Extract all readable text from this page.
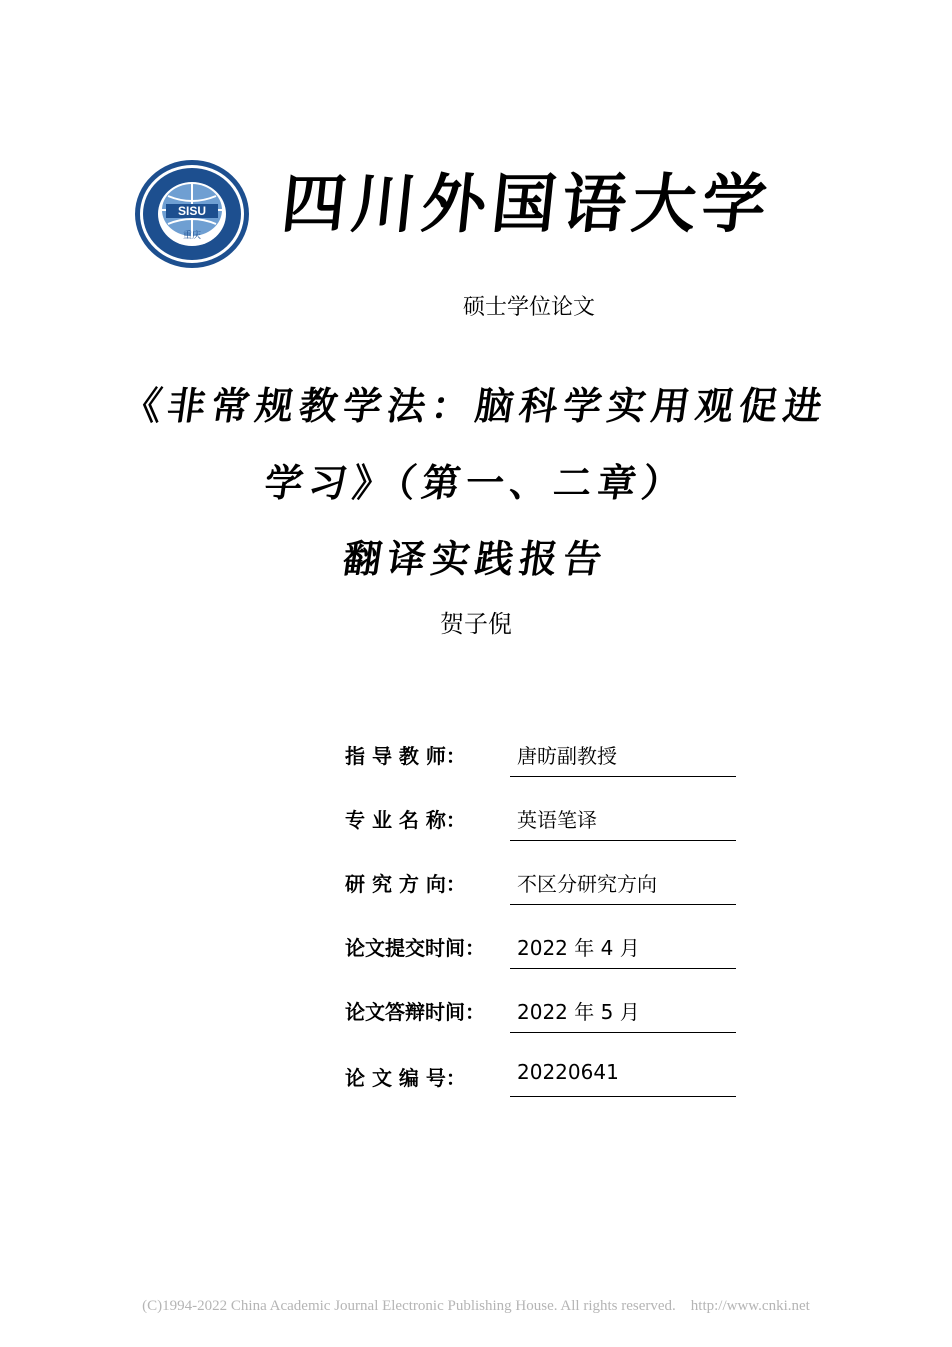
SISU
重庆 四川外国语大学
硕士学位论文
《非常规教学法：脑科学实用观促进
学习》（第一、二章）
翻译实践报告
贺子倪
指 导 教 师：	唐昉副教授
专 业 名 称：	英语笔译
研 究 方 向：	不区分研究方向
论文提交时间：	2022 年 4 月
论文答辩时间：	2022 年 5 月
论 文 编 号：	20220641
(C)1994-2022 China Academic Journal Electronic Publishing House. All rights reserved.    http://www.cnki.net
